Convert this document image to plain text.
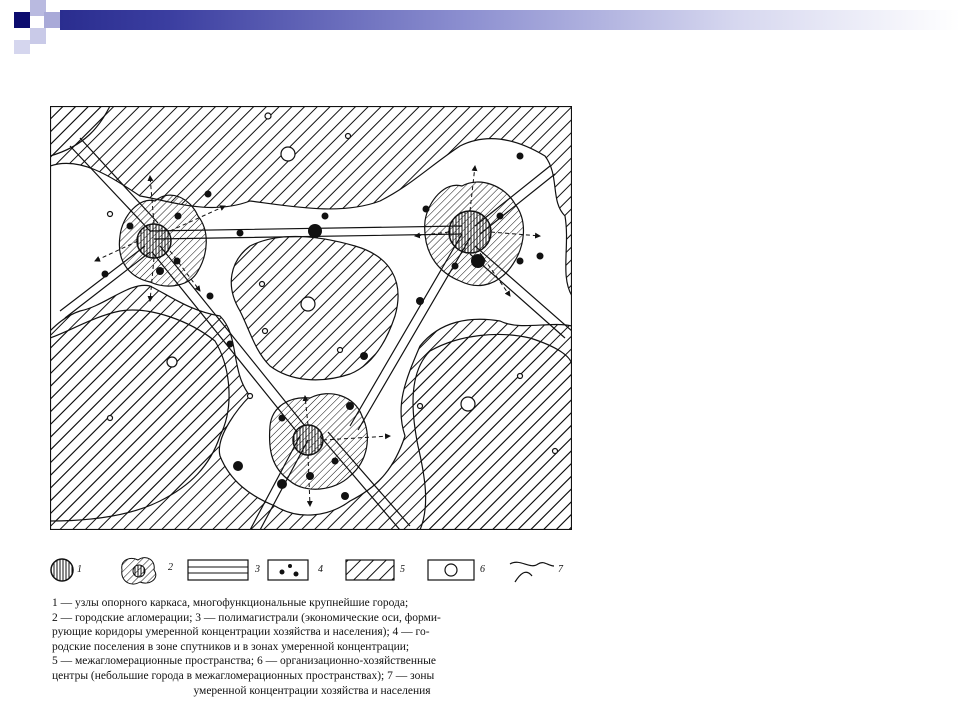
1	2	3	4	5	6	7

1 — узлы опорного каркаса, многофункциональные крупнейшие города;

2 — городские агломерации; 3 — полимагистрали (экономические оси, форми-

рующие коридоры умеренной концентрации хозяйства и населения); 4 — го-

родские поселения в зоне спутников и в зонах умеренной концентрации;

5 — межагломерационные пространства; 6 — организационно-хозяйственные

центры (небольшие города в межагломерационных пространствах); 7 — зоны

умеренной концентрации хозяйства и населения
